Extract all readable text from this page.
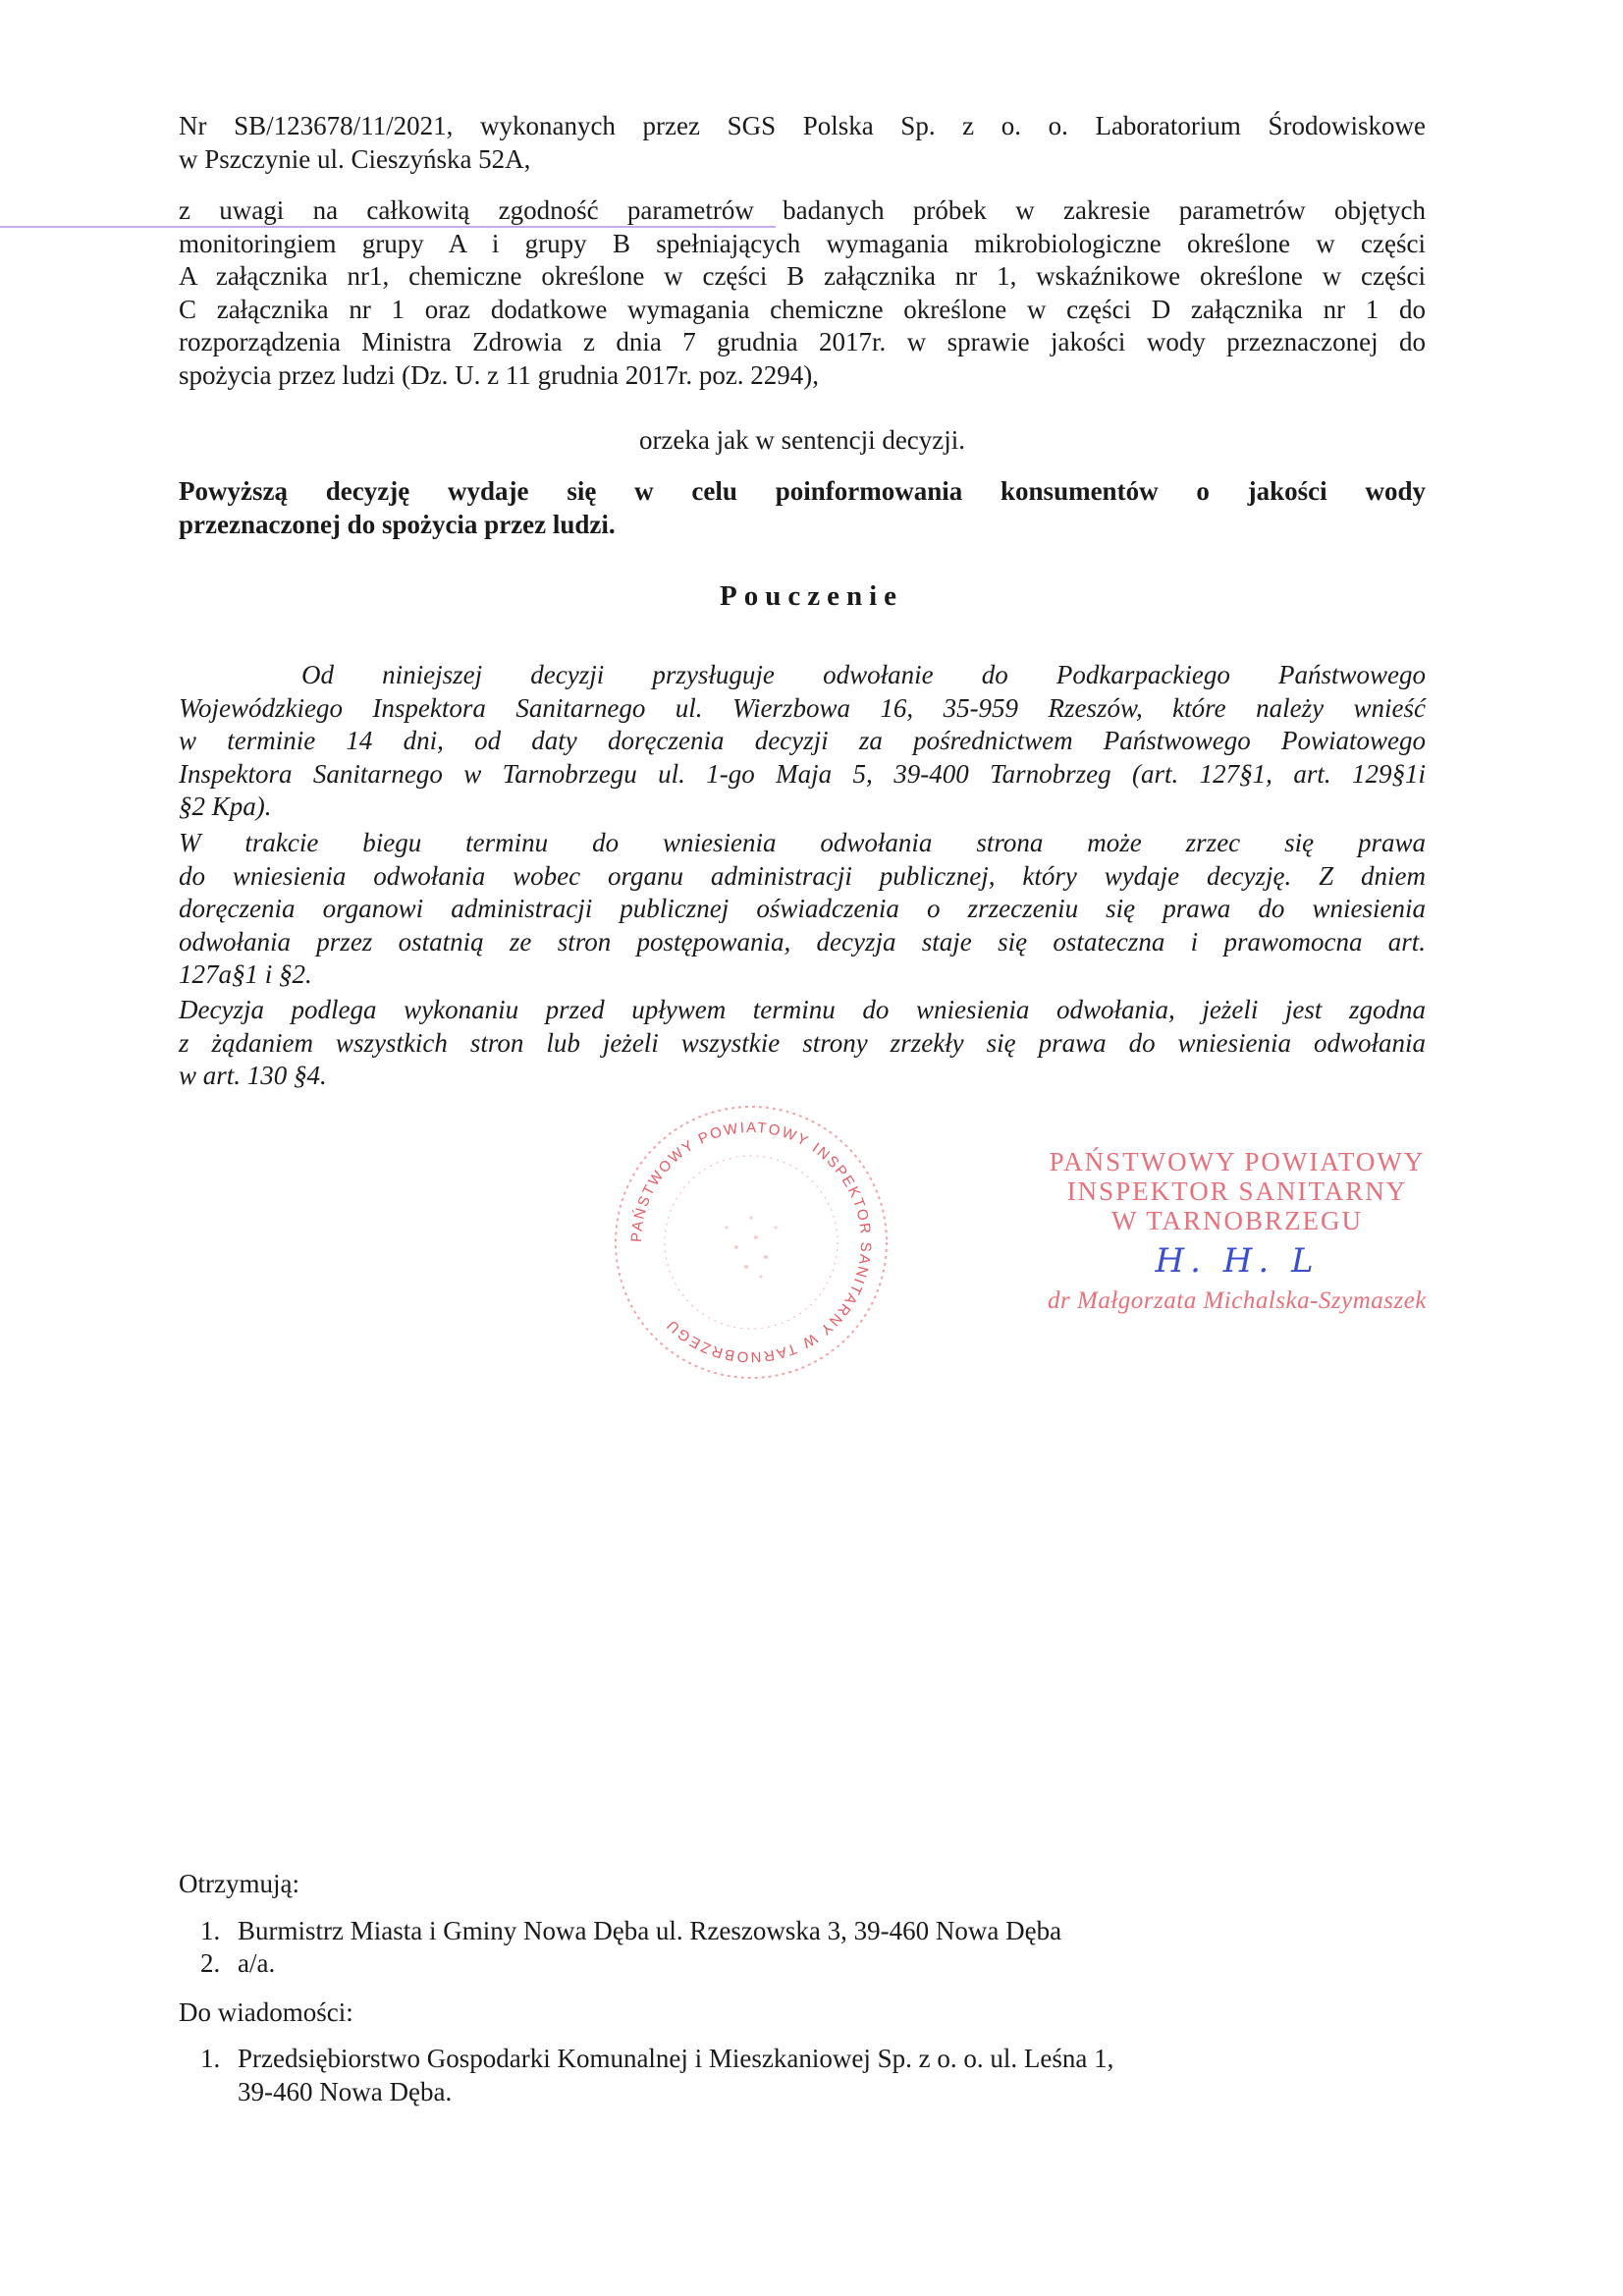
Nr SB/123678/11/2021, wykonanych przez SGS Polska Sp. z o. o. Laboratorium Środowiskowe
w Pszczynie ul. Cieszyńska 52A,
z uwagi na całkowitą zgodność parametrów badanych próbek w zakresie parametrów objętych
monitoringiem grupy A i grupy B spełniających wymagania mikrobiologiczne określone w części
A załącznika nr1, chemiczne określone w części B załącznika nr 1, wskaźnikowe określone w części
C załącznika nr 1 oraz dodatkowe wymagania chemiczne określone w części D załącznika nr 1 do
rozporządzenia Ministra Zdrowia z dnia 7 grudnia 2017r. w sprawie jakości wody przeznaczonej do
spożycia przez ludzi (Dz. U. z 11 grudnia 2017r. poz. 2294),
orzeka jak w sentencji decyzji.
Powyższą decyzję wydaje się w celu poinformowania konsumentów o jakości wody
przeznaczonej do spożycia przez ludzi.
Pouczenie
Od niniejszej decyzji przysługuje odwołanie do Podkarpackiego Państwowego
Wojewódzkiego Inspektora Sanitarnego ul. Wierzbowa 16, 35-959 Rzeszów, które należy wnieść
w terminie 14 dni, od daty doręczenia decyzji za pośrednictwem Państwowego Powiatowego
Inspektora Sanitarnego w Tarnobrzegu ul. 1-go Maja 5, 39-400 Tarnobrzeg (art. 127§1, art. 129§1i
§2 Kpa).
W trakcie biegu terminu do wniesienia odwołania strona może zrzec się prawa
do wniesienia odwołania wobec organu administracji publicznej, który wydaje decyzję. Z dniem
doręczenia organowi administracji publicznej oświadczenia o zrzeczeniu się prawa do wniesienia
odwołania przez ostatnią ze stron postępowania, decyzja staje się ostateczna i prawomocna art.
127a§1 i §2.
Decyzja podlega wykonaniu przed upływem terminu do wniesienia odwołania, jeżeli jest zgodna
z żądaniem wszystkich stron lub jeżeli wszystkie strony zrzekły się prawa do wniesienia odwołania
w art. 130 §4.
PAŃSTWOWY POWIATOWY INSPEKTOR SANITARNY W TARNOBRZEGU
PAŃSTWOWY POWIATOWY
INSPEKTOR SANITARNY
W TARNOBRZEGU
H. H. L
dr Małgorzata Michalska-Szymaszek
Otrzymują:
1. Burmistrz Miasta i Gminy Nowa Dęba ul. Rzeszowska 3, 39-460 Nowa Dęba
2. a/a.
Do wiadomości:
1. Przedsiębiorstwo Gospodarki Komunalnej i Mieszkaniowej Sp. z o. o. ul. Leśna 1,
39-460 Nowa Dęba.
